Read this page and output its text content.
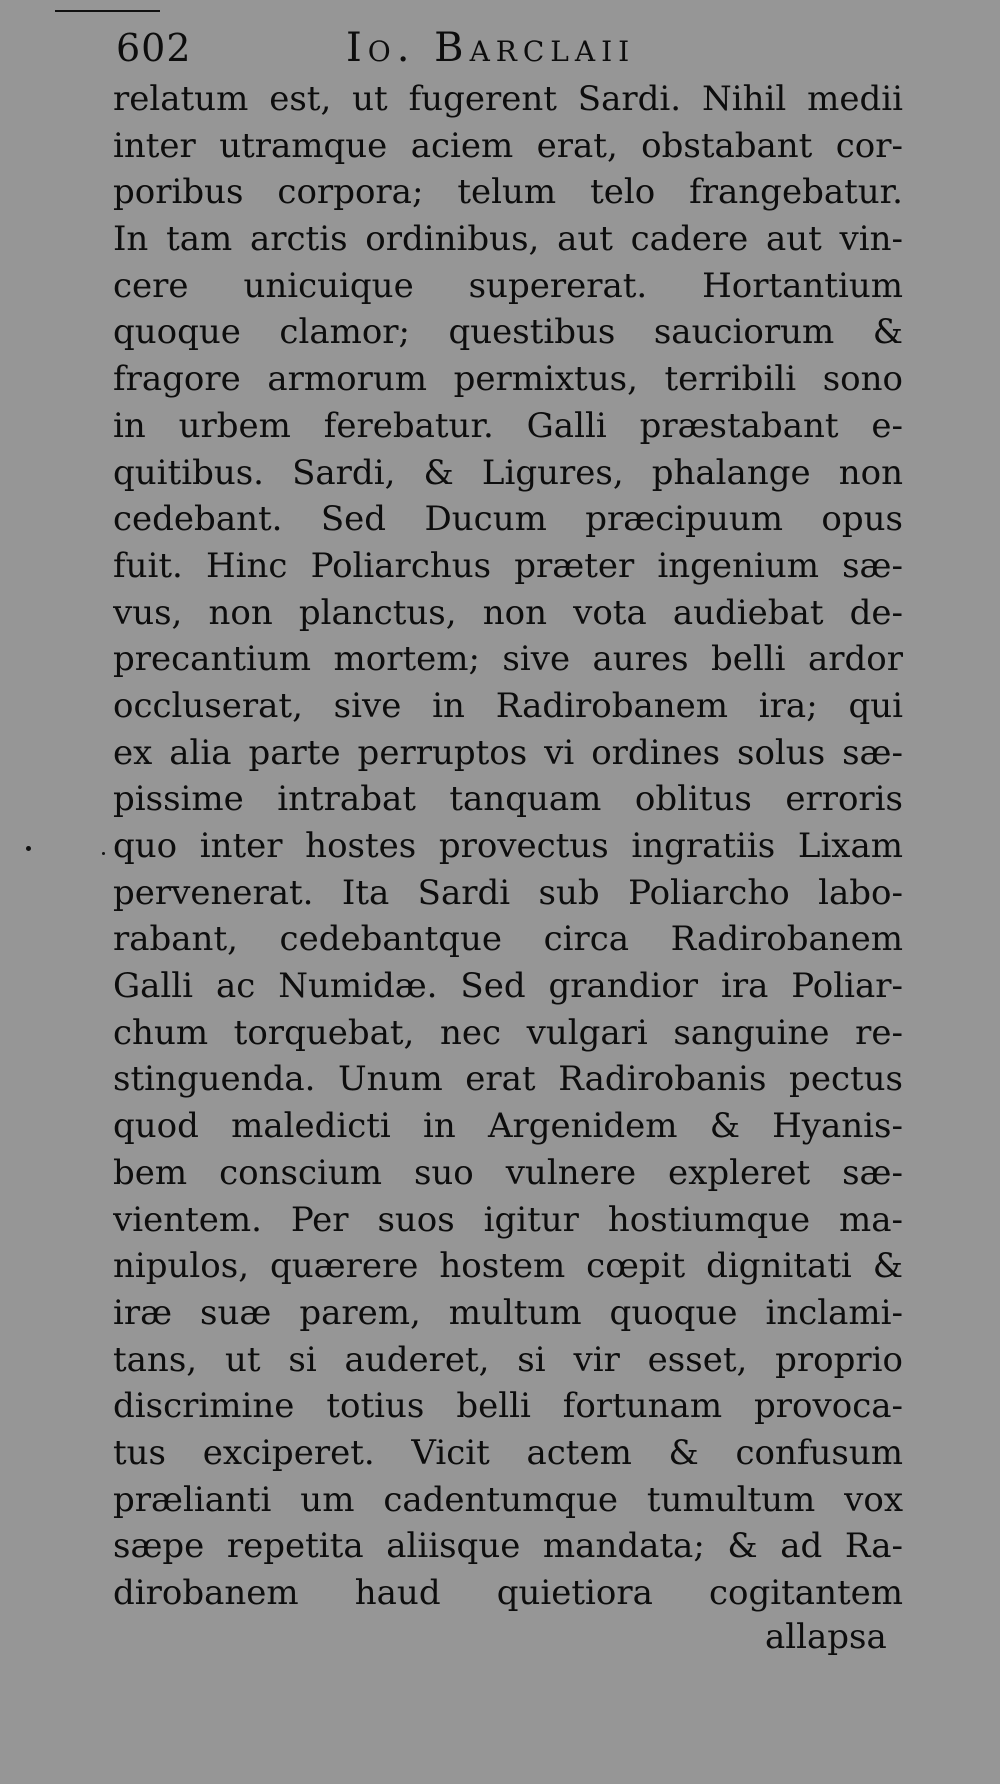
602	Io. Barclaii
relatum est, ut fugerent Sardi. Nihil medii
inter utramque aciem erat, obstabant cor-
poribus corpora; telum telo frangebatur.
In tam arctis ordinibus, aut cadere aut vin-
cere unicuique supererat. Hortantium
quoque clamor; questibus sauciorum &
fragore armorum permixtus, terribili sono
in urbem ferebatur. Galli præstabant e-
quitibus. Sardi, & Ligures, phalange non
cedebant. Sed Ducum præcipuum opus
fuit. Hinc Poliarchus præter ingenium sæ-
vus, non planctus, non vota audiebat de-
precantium mortem; sive aures belli ardor
occluserat, sive in Radirobanem ira; qui
ex alia parte perruptos vi ordines solus sæ-
pissime intrabat tanquam oblitus erroris
quo inter hostes provectus ingratiis Lixam
pervenerat. Ita Sardi sub Poliarcho labo-
rabant, cedebantque circa Radirobanem
Galli ac Numidæ. Sed grandior ira Poliar-
chum torquebat, nec vulgari sanguine re-
stinguenda. Unum erat Radirobanis pectus
quod maledicti in Argenidem & Hyanis-
bem conscium suo vulnere expleret sæ-
vientem. Per suos igitur hostiumque ma-
nipulos, quærere hostem cœpit dignitati &
iræ suæ parem, multum quoque inclami-
tans, ut si auderet, si vir esset, proprio
discrimine totius belli fortunam provoca-
tus exciperet. Vicit actem & confusum
prælianti um cadentumque tumultum vox
sæpe repetita aliisque mandata; & ad Ra-
dirobanem haud quietiora cogitantem
allapsa
